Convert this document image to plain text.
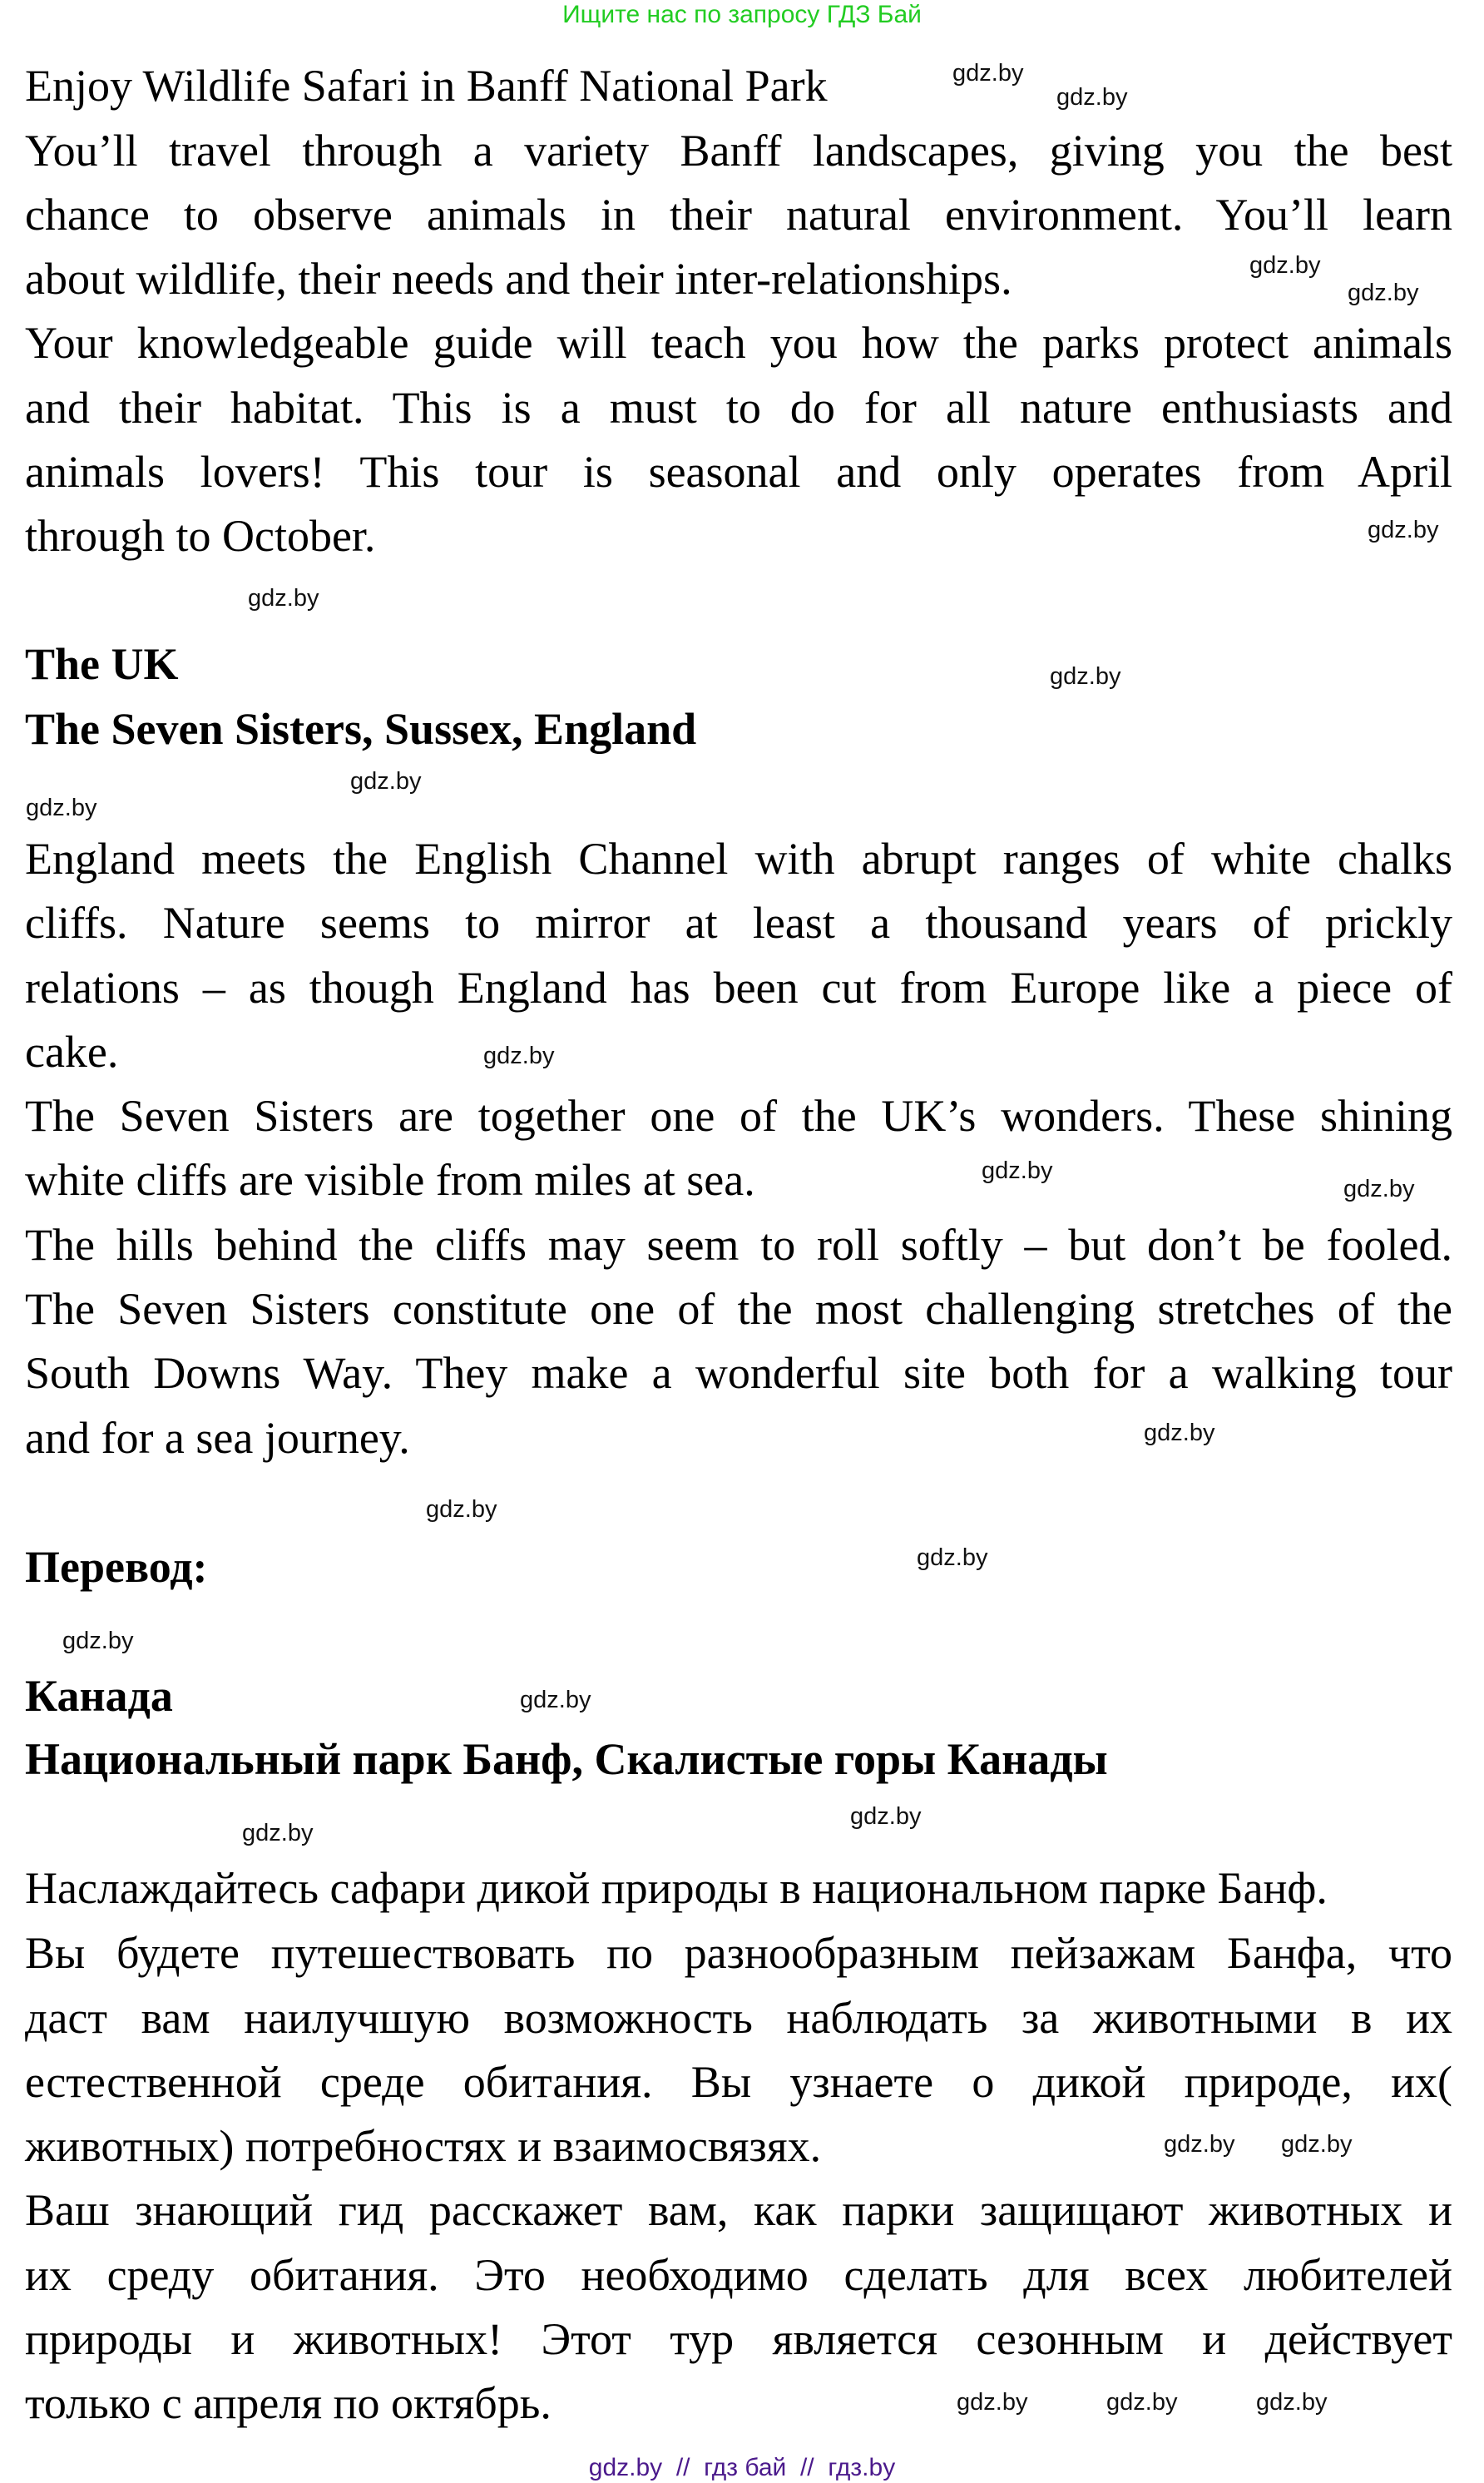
Ищите нас по запросу ГДЗ Бай
Enjoy Wildlife Safari in Banff National Park
You’ll travel through a variety Banff landscapes, giving you the best
chance to observe animals in their natural environment. You’ll learn
about wildlife, their needs and their inter-relationships.
Your knowledgeable guide will teach you how the parks protect animals
and their habitat. This is a must to do for all nature enthusiasts and
animals lovers! This tour is seasonal and only operates from April
through to October.
The UK
The Seven Sisters, Sussex, England
England meets the English Channel with abrupt ranges of white chalks
cliffs. Nature seems to mirror at least a thousand years of prickly
relations – as though England has been cut from Europe like a piece of
cake.
The Seven Sisters are together one of the UK’s wonders. These shining
white cliffs are visible from miles at sea.
The hills behind the cliffs may seem to roll softly – but don’t be fooled.
The Seven Sisters constitute one of the most challenging stretches of the
South Downs Way. They make a wonderful site both for a walking tour
and for a sea journey.
Перевод:
Канада
Национальный парк Банф, Скалистые горы Канады
Наслаждайтесь сафари дикой природы в национальном парке Банф.
Вы будете путешествовать по разнообразным пейзажам Банфа, что
даст вам наилучшую возможность наблюдать за животными в их
естественной среде обитания. Вы узнаете о дикой природе, их(
животных) потребностях и взаимосвязях.
Ваш знающий гид расскажет вам, как парки защищают животных и
их среду обитания. Это необходимо сделать для всех любителей
природы и животных! Этот тур является сезонным и действует
только с апреля по октябрь.
gdz.by
gdz.by
gdz.by
gdz.by
gdz.by
gdz.by
gdz.by
gdz.by
gdz.by
gdz.by
gdz.by
gdz.by
gdz.by
gdz.by
gdz.by
gdz.by
gdz.by
gdz.by
gdz.by
gdz.by gdz.by
gdz.by	gdz.by	gdz.by
gdz.by  //  гдз бай  //  гдз.by
